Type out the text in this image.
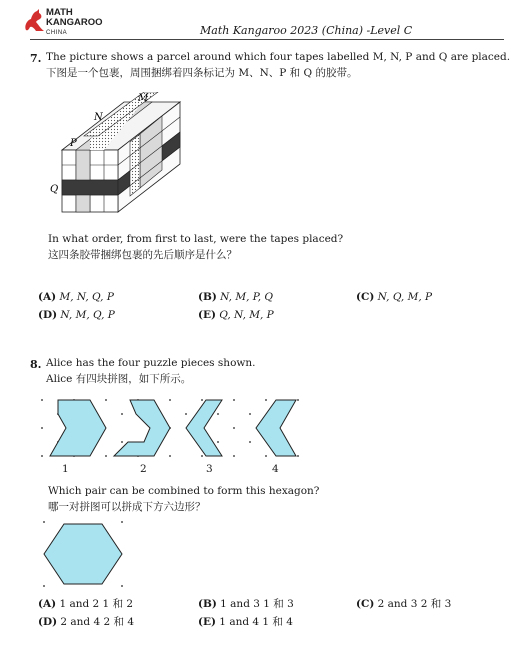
MATH
KANGAROO
CHINA	Math Kangaroo 2023 (China) -Level C
7. The picture shows a parcel around which four tapes labelled M, N, P and Q are placed.
下图是一个包裹，周围捆绑着四条标记为 M、N、P 和 Q 的胶带。
M
N
P
Q
In what order, from first to last, were the tapes placed?
这四条胶带捆绑包裹的先后顺序是什么？
(A) M, N, Q, P	(B) N, M, P, Q	(C) N, Q, M, P
(D) N, M, Q, P	(E) Q, N, M, P
8. Alice has the four puzzle pieces shown.
Alice 有四块拼图，如下所示。
1	2	3	4
Which pair can be combined to form this hexagon?
哪一对拼图可以拼成下方六边形？
(A) 1 and 2 1 和 2	(B) 1 and 3 1 和 3	(C) 2 and 3 2 和 3
(D) 2 and 4 2 和 4	(E) 1 and 4 1 和 4
